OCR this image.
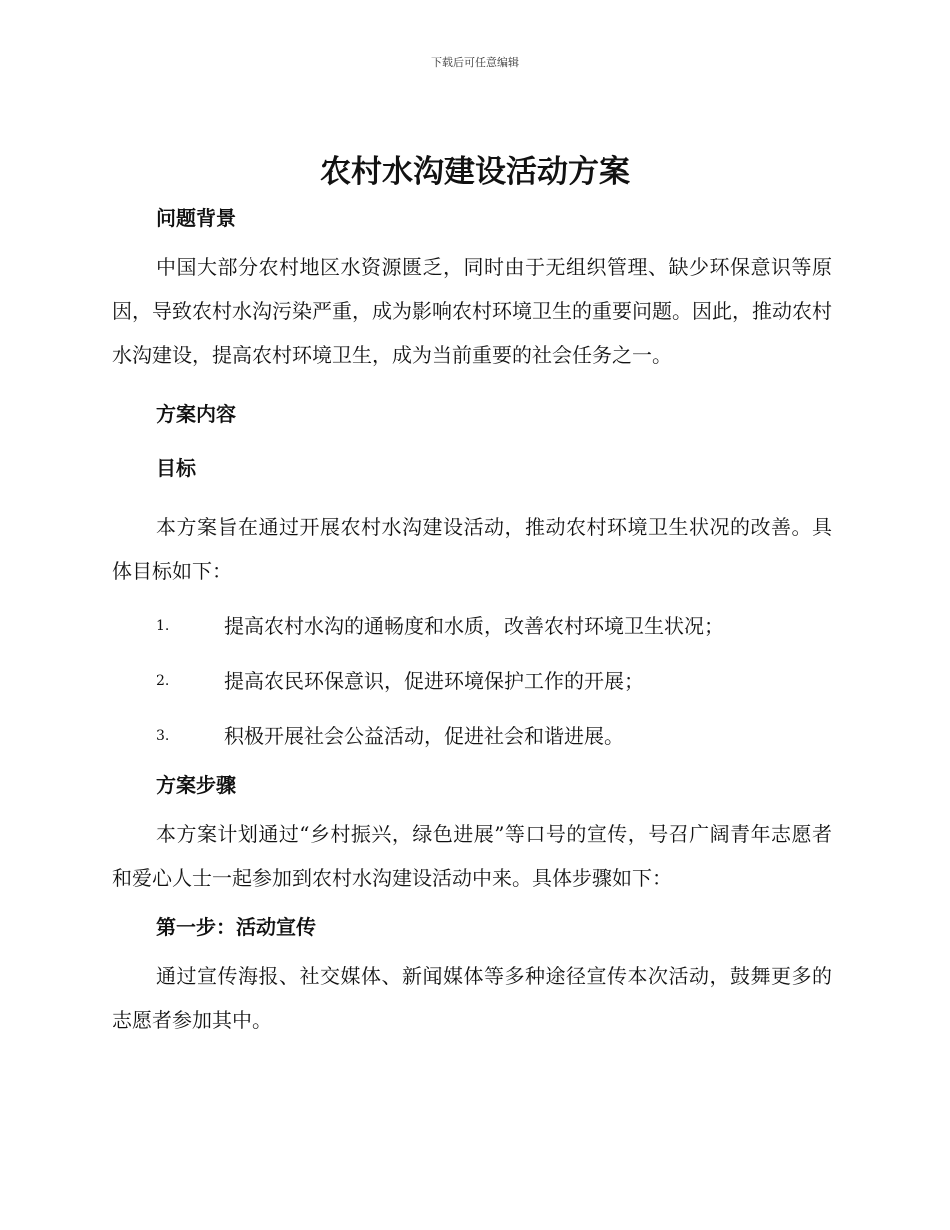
下载后可任意编辑
农村水沟建设活动方案

问题背景

中国大部分农村地区水资源匮乏，同时由于无组织管理、缺少环保意识等原因，导致农村水沟污染严重，成为影响农村环境卫生的重要问题。因此，推动农村水沟建设，提高农村环境卫生，成为当前重要的社会任务之一。

方案内容

目标

本方案旨在通过开展农村水沟建设活动，推动农村环境卫生状况的改善。具体目标如下：

1.	提高农村水沟的通畅度和水质，改善农村环境卫生状况；
2.	提高农民环保意识，促进环境保护工作的开展；
3.	积极开展社会公益活动，促进社会和谐进展。

方案步骤

本方案计划通过“乡村振兴，绿色进展”等口号的宣传，号召广阔青年志愿者和爱心人士一起参加到农村水沟建设活动中来。具体步骤如下：

第一步：活动宣传

通过宣传海报、社交媒体、新闻媒体等多种途径宣传本次活动，鼓舞更多的志愿者参加其中。
